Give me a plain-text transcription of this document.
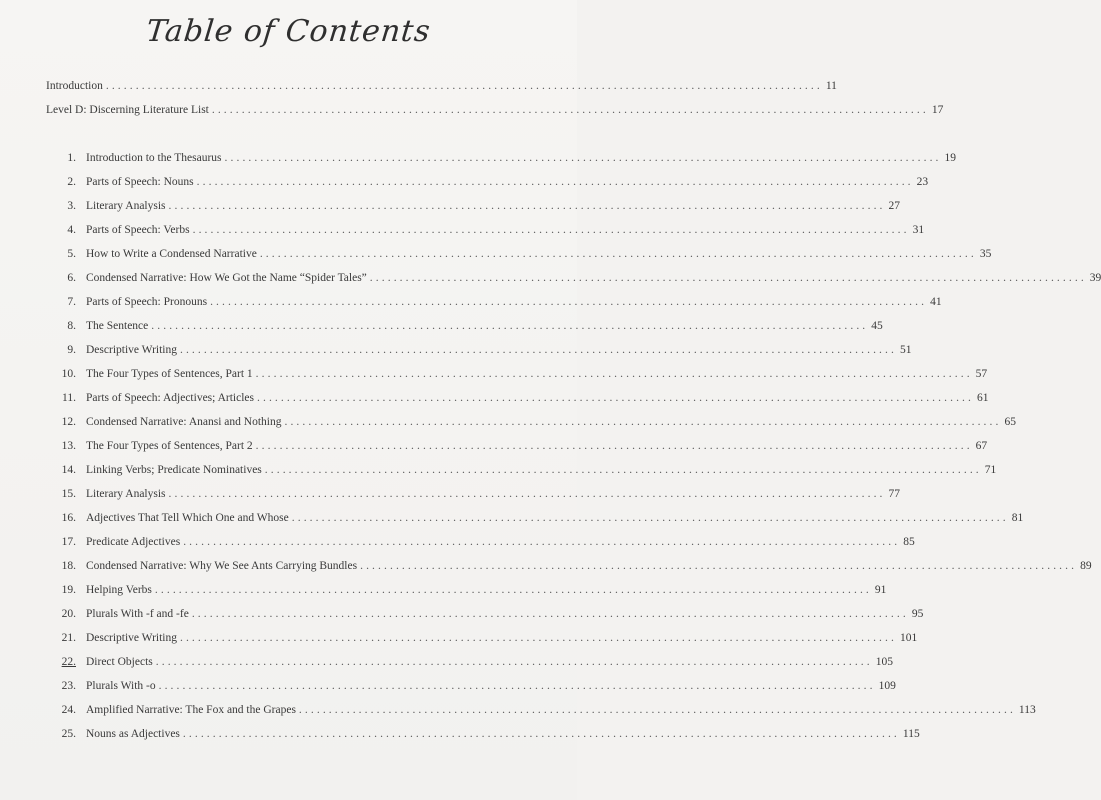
Table of Contents
Introduction ........................................................................................................................ 11
Level D: Discerning Literature List ........................................................................................................................ 17
1. Introduction to the Thesaurus ........................................................................................................................ 19
2. Parts of Speech: Nouns ........................................................................................................................ 23
3. Literary Analysis ........................................................................................................................ 27
4. Parts of Speech: Verbs ........................................................................................................................ 31
5. How to Write a Condensed Narrative ........................................................................................................................ 35
6. Condensed Narrative: How We Got the Name “Spider Tales” ........................................................................................................................ 39
7. Parts of Speech: Pronouns ........................................................................................................................ 41
8. The Sentence ........................................................................................................................ 45
9. Descriptive Writing ........................................................................................................................ 51
10. The Four Types of Sentences, Part 1 ........................................................................................................................ 57
11. Parts of Speech: Adjectives; Articles ........................................................................................................................ 61
12. Condensed Narrative: Anansi and Nothing ........................................................................................................................ 65
13. The Four Types of Sentences, Part 2 ........................................................................................................................ 67
14. Linking Verbs; Predicate Nominatives ........................................................................................................................ 71
15. Literary Analysis ........................................................................................................................ 77
16. Adjectives That Tell Which One and Whose ........................................................................................................................ 81
17. Predicate Adjectives ........................................................................................................................ 85
18. Condensed Narrative: Why We See Ants Carrying Bundles ........................................................................................................................ 89
19. Helping Verbs ........................................................................................................................ 91
20. Plurals With -f and -fe ........................................................................................................................ 95
21. Descriptive Writing ........................................................................................................................ 101
22. Direct Objects ........................................................................................................................ 105
23. Plurals With -o ........................................................................................................................ 109
24. Amplified Narrative: The Fox and the Grapes ........................................................................................................................ 113
25. Nouns as Adjectives ........................................................................................................................ 115
